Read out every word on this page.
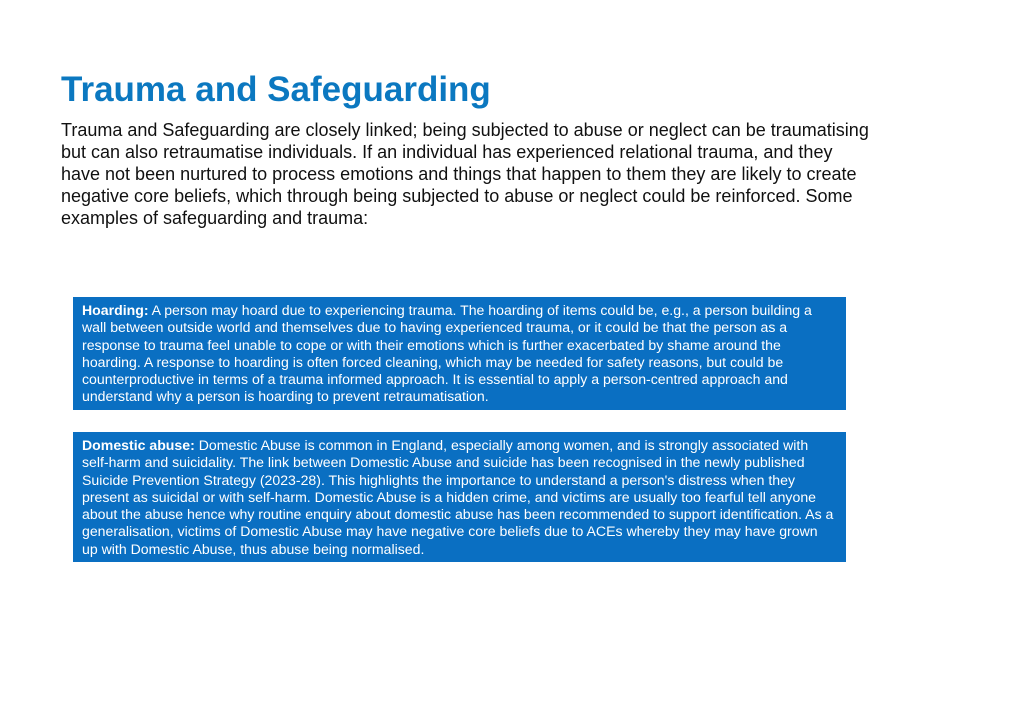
Trauma and Safeguarding

Trauma and Safeguarding are closely linked; being subjected to abuse or neglect can be traumatising but can also retraumatise individuals. If an individual has experienced relational trauma, and they have not been nurtured to process emotions and things that happen to them they are likely to create negative core beliefs, which through being subjected to abuse or neglect could be reinforced. Some examples of safeguarding and trauma:

Hoarding: A person may hoard due to experiencing trauma. The hoarding of items could be, e.g., a person building a wall between outside world and themselves due to having experienced trauma, or it could be that the person as a response to trauma feel unable to cope or with their emotions which is further exacerbated by shame around the hoarding. A response to hoarding is often forced cleaning, which may be needed for safety reasons, but could be counterproductive in terms of a trauma informed approach. It is essential to apply a person-centred approach and understand why a person is hoarding to prevent retraumatisation.
Domestic abuse: Domestic Abuse is common in England, especially among women, and is strongly associated with self-harm and suicidality. The link between Domestic Abuse and suicide has been recognised in the newly published Suicide Prevention Strategy (2023-28). This highlights the importance to understand a person's distress when they present as suicidal or with self-harm. Domestic Abuse is a hidden crime, and victims are usually too fearful tell anyone about the abuse hence why routine enquiry about domestic abuse has been recommended to support identification. As a generalisation, victims of Domestic Abuse may have negative core beliefs due to ACEs whereby they may have grown up with Domestic Abuse, thus abuse being normalised.
